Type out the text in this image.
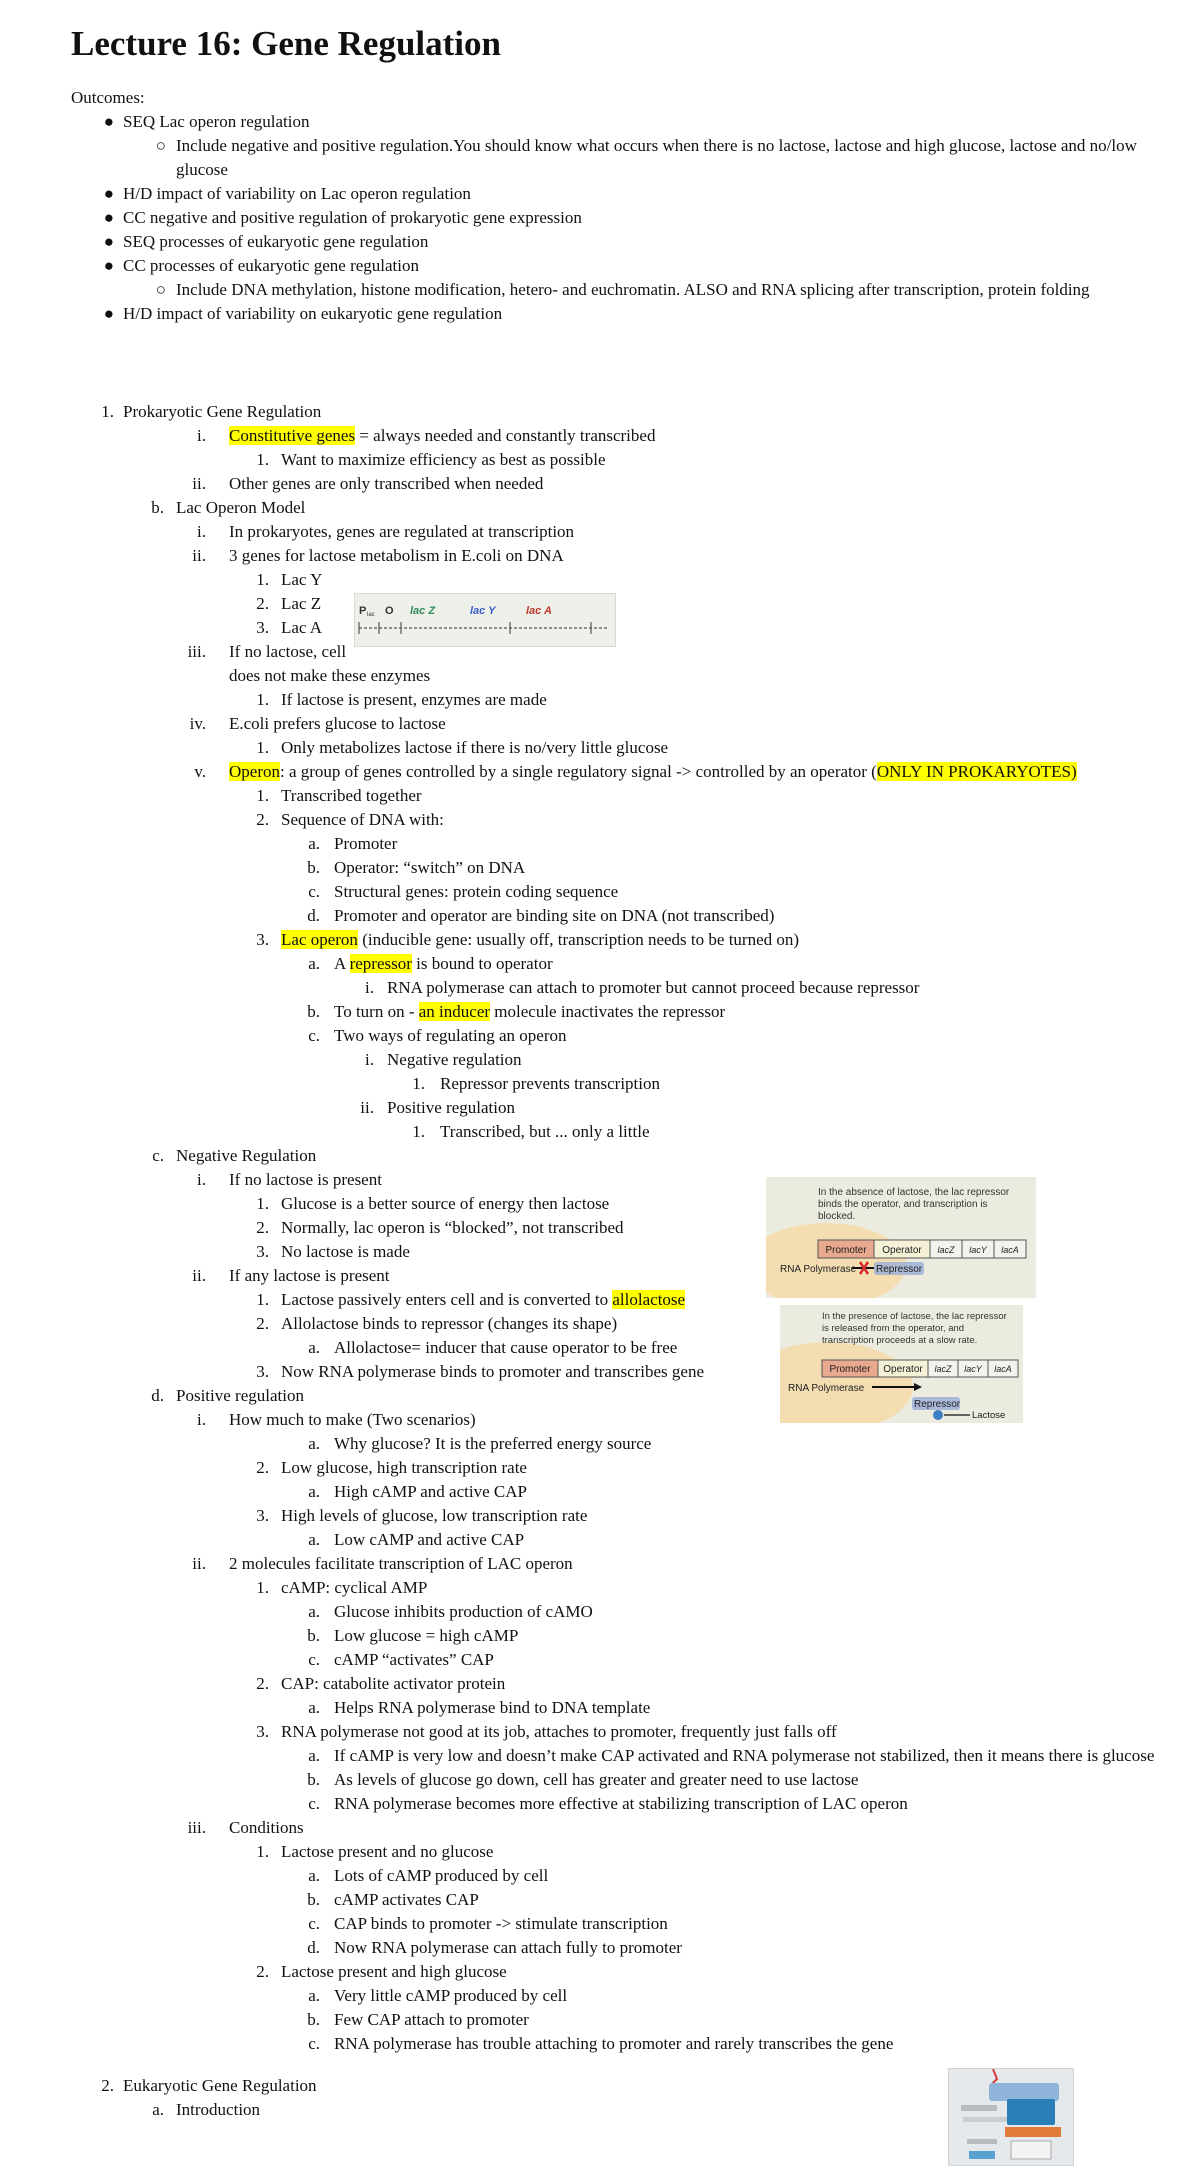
Lecture 16: Gene Regulation
Outcomes:
● SEQ Lac operon regulation
○ Include negative and positive regulation.You should know what occurs when there is no lactose, lactose and high glucose, lactose and no/low
glucose
● H/D impact of variability on Lac operon regulation
● CC negative and positive regulation of prokaryotic gene expression
● SEQ processes of eukaryotic gene regulation
● CC processes of eukaryotic gene regulation
○ Include DNA methylation, histone modification, hetero- and euchromatin. ALSO and RNA splicing after transcription, protein folding
● H/D impact of variability on eukaryotic gene regulation
1. Prokaryotic Gene Regulation
i. Constitutive genes = always needed and constantly transcribed
1. Want to maximize efficiency as best as possible
ii. Other genes are only transcribed when needed
b. Lac Operon Model
i. In prokaryotes, genes are regulated at transcription
ii. 3 genes for lactose metabolism in E.coli on DNA
1. Lac Y
2. Lac Z
3. Lac A
P lac O lac Z	lac Y	lac A
iii. If no lactose, cell
does not make these enzymes
1. If lactose is present, enzymes are made
iv. E.coli prefers glucose to lactose
1. Only metabolizes lactose if there is no/very little glucose
v. Operon: a group of genes controlled by a single regulatory signal -> controlled by an operator (ONLY IN PROKARYOTES)
1. Transcribed together
2. Sequence of DNA with:
a. Promoter
b. Operator: “switch” on DNA
c. Structural genes: protein coding sequence
d. Promoter and operator are binding site on DNA (not transcribed)
3. Lac operon (inducible gene: usually off, transcription needs to be turned on)
a. A repressor is bound to operator
i. RNA polymerase can attach to promoter but cannot proceed because repressor
b. To turn on - an inducer molecule inactivates the repressor
c. Two ways of regulating an operon
i. Negative regulation
1. Repressor prevents transcription
ii. Positive regulation
1. Transcribed, but ... only a little
c. Negative Regulation
i. If no lactose is present
1. Glucose is a better source of energy then lactose
2. Normally, lac operon is “blocked”, not transcribed
3. No lactose is made
ii. If any lactose is present
1. Lactose passively enters cell and is converted to allolactose
2. Allolactose binds to repressor (changes its shape)
a. Allolactose= inducer that cause operator to be free
3. Now RNA polymerase binds to promoter and transcribes gene
In the absence of lactose, the lac repressor
binds the operator, and transcription is
blocked.
Promoter Operator lacZ lacY lacA
RNA Polymerase Repressor
In the presence of lactose, the lac repressor
is released from the operator, and
transcription proceeds at a slow rate.
Promoter Operator lacZ lacY lacA
RNA Polymerase
Repressor
Lactose
d. Positive regulation
i. How much to make (Two scenarios)
a. Why glucose? It is the preferred energy source
2. Low glucose, high transcription rate
a. High cAMP and active CAP
3. High levels of glucose, low transcription rate
a. Low cAMP and active CAP
ii. 2 molecules facilitate transcription of LAC operon
1. cAMP: cyclical AMP
a. Glucose inhibits production of cAMO
b. Low glucose = high cAMP
c. cAMP “activates” CAP
2. CAP: catabolite activator protein
a. Helps RNA polymerase bind to DNA template
3. RNA polymerase not good at its job, attaches to promoter, frequently just falls off
a. If cAMP is very low and doesn’t make CAP activated and RNA polymerase not stabilized, then it means there is glucose
b. As levels of glucose go down, cell has greater and greater need to use lactose
c. RNA polymerase becomes more effective at stabilizing transcription of LAC operon
iii. Conditions
1. Lactose present and no glucose
a. Lots of cAMP produced by cell
b. cAMP activates CAP
c. CAP binds to promoter -> stimulate transcription
d. Now RNA polymerase can attach fully to promoter
2. Lactose present and high glucose
a. Very little cAMP produced by cell
b. Few CAP attach to promoter
c. RNA polymerase has trouble attaching to promoter and rarely transcribes the gene
2. Eukaryotic Gene Regulation
a. Introduction
